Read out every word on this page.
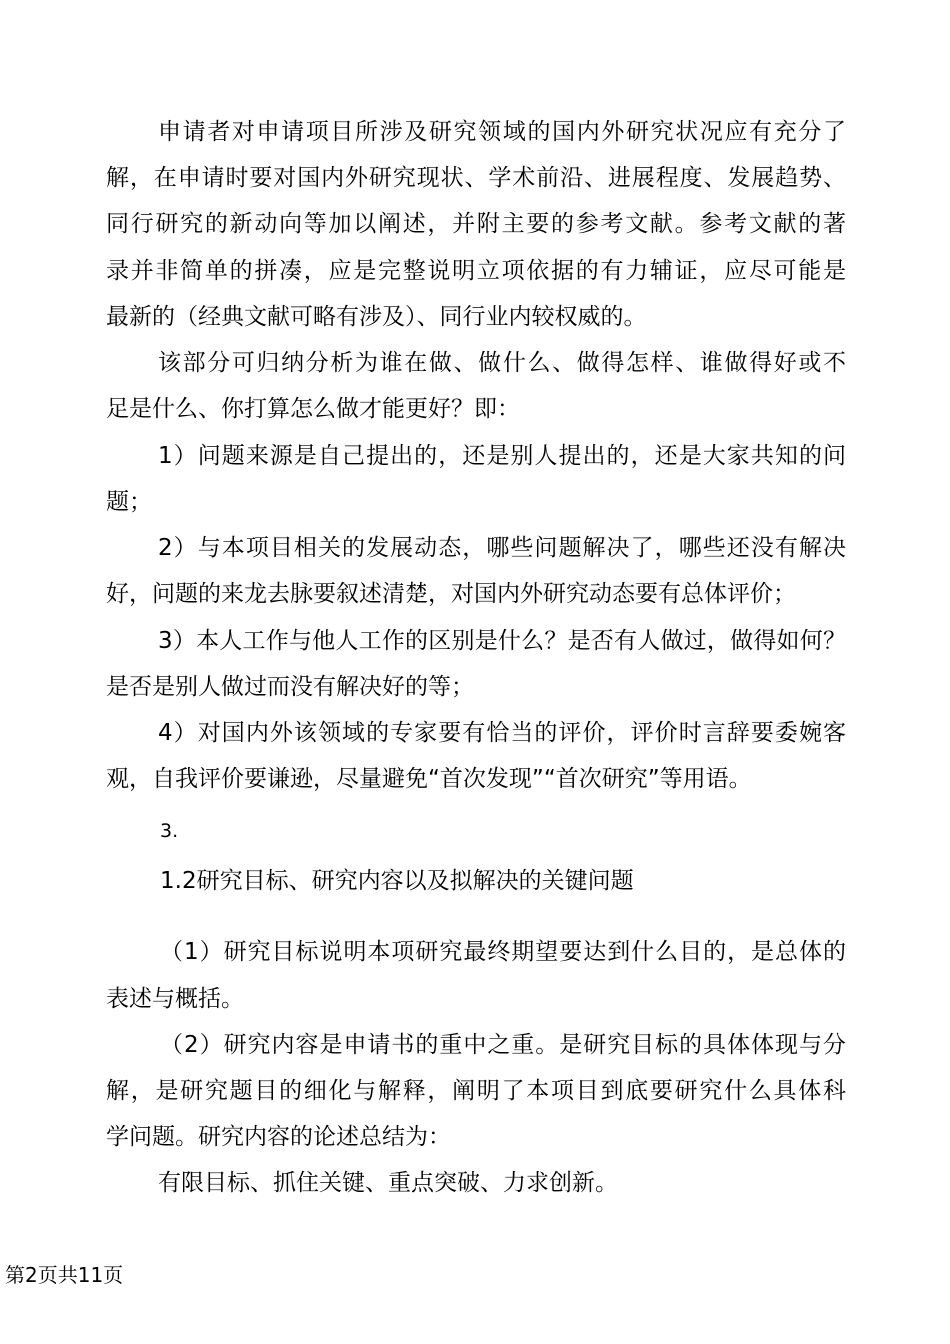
申请者对申请项目所涉及研究领域的国内外研究状况应有充分了
解，在申请时要对国内外研究现状、学术前沿、进展程度、发展趋势、
同行研究的新动向等加以阐述，并附主要的参考文献。参考文献的著
录并非简单的拼凑，应是完整说明立项依据的有力辅证，应尽可能是
最新的（经典文献可略有涉及）、同行业内较权威的。
该部分可归纳分析为谁在做、做什么、做得怎样、谁做得好或不
足是什么、你打算怎么做才能更好？即：
1）问题来源是自己提出的，还是别人提出的，还是大家共知的问
题；
2）与本项目相关的发展动态，哪些问题解决了，哪些还没有解决
好，问题的来龙去脉要叙述清楚，对国内外研究动态要有总体评价；
3）本人工作与他人工作的区别是什么？是否有人做过，做得如何？
是否是别人做过而没有解决好的等；
4）对国内外该领域的专家要有恰当的评价，评价时言辞要委婉客
观，自我评价要谦逊，尽量避免“首次发现”“首次研究”等用语。
3.
1.2研究目标、研究内容以及拟解决的关键问题
（1）研究目标说明本项研究最终期望要达到什么目的，是总体的
表述与概括。
（2）研究内容是申请书的重中之重。是研究目标的具体体现与分
解，是研究题目的细化与解释，阐明了本项目到底要研究什么具体科
学问题。研究内容的论述总结为：
有限目标、抓住关键、重点突破、力求创新。
第2页共11页
